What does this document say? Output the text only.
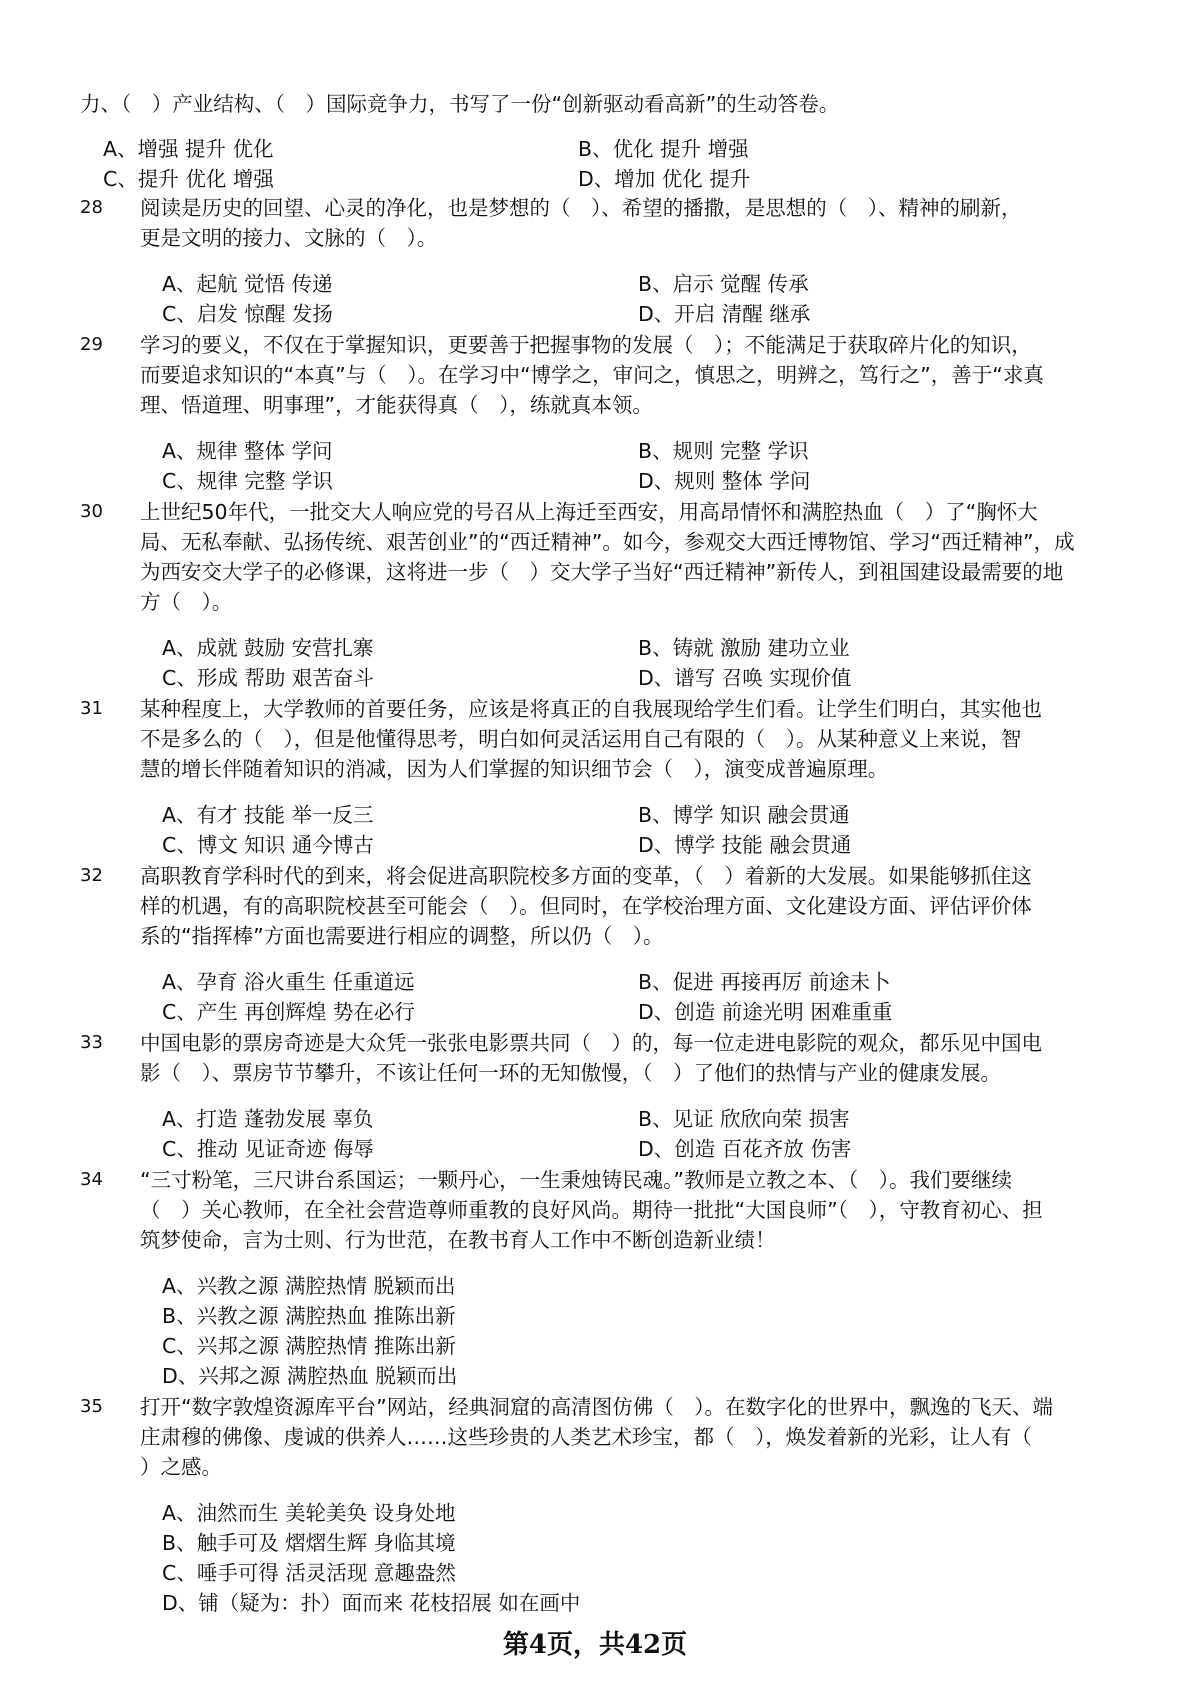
力、（　）产业结构、（　）国际竞争力，书写了一份“创新驱动看高新”的生动答卷。

A、增强 提升 优化	B、优化 提升 增强

C、提升 优化 增强	D、增加 优化 提升

28 阅读是历史的回望、心灵的净化，也是梦想的（　）、希望的播撒，是思想的（　）、精神的刷新，

更是文明的接力、文脉的（　）。

A、起航 觉悟 传递	B、启示 觉醒 传承

C、启发 惊醒 发扬	D、开启 清醒 继承

29 学习的要义，不仅在于掌握知识，更要善于把握事物的发展（　）；不能满足于获取碎片化的知识，

而要追求知识的“本真”与（　）。在学习中“博学之，审问之，慎思之，明辨之，笃行之”，善于“求真

理、悟道理、明事理”，才能获得真（　），练就真本领。

A、规律 整体 学问	B、规则 完整 学识

C、规律 完整 学识	D、规则 整体 学问

30 上世纪50年代，一批交大人响应党的号召从上海迁至西安，用高昂情怀和满腔热血（　）了“胸怀大

局、无私奉献、弘扬传统、艰苦创业”的“西迁精神”。如今，参观交大西迁博物馆、学习“西迁精神”，成

为西安交大学子的必修课，这将进一步（　）交大学子当好“西迁精神”新传人，到祖国建设最需要的地

方（　）。

A、成就 鼓励 安营扎寨	B、铸就 激励 建功立业

C、形成 帮助 艰苦奋斗	D、谱写 召唤 实现价值

31 某种程度上，大学教师的首要任务，应该是将真正的自我展现给学生们看。让学生们明白，其实他也

不是多么的（　），但是他懂得思考，明白如何灵活运用自己有限的（　）。从某种意义上来说，智

慧的增长伴随着知识的消减，因为人们掌握的知识细节会（　），演变成普遍原理。

A、有才 技能 举一反三	B、博学 知识 融会贯通

C、博文 知识 通今博古	D、博学 技能 融会贯通

32 高职教育学科时代的到来，将会促进高职院校多方面的变革，（　）着新的大发展。如果能够抓住这

样的机遇，有的高职院校甚至可能会（　）。但同时，在学校治理方面、文化建设方面、评估评价体

系的“指挥棒”方面也需要进行相应的调整，所以仍（　）。

A、孕育 浴火重生 任重道远	B、促进 再接再厉 前途未卜

C、产生 再创辉煌 势在必行	D、创造 前途光明 困难重重

33 中国电影的票房奇迹是大众凭一张张电影票共同（　）的，每一位走进电影院的观众，都乐见中国电

影（　）、票房节节攀升，不该让任何一环的无知傲慢，（　）了他们的热情与产业的健康发展。

A、打造 蓬勃发展 辜负	B、见证 欣欣向荣 损害

C、推动 见证奇迹 侮辱	D、创造 百花齐放 伤害

34 “三寸粉笔，三尺讲台系国运；一颗丹心，一生秉烛铸民魂。”教师是立教之本、（　）。我们要继续

（　）关心教师，在全社会营造尊师重教的良好风尚。期待一批批“大国良师”（　），守教育初心、担

筑梦使命，言为士则、行为世范，在教书育人工作中不断创造新业绩！

A、兴教之源 满腔热情 脱颖而出

B、兴教之源 满腔热血 推陈出新

C、兴邦之源 满腔热情 推陈出新

D、兴邦之源 满腔热血 脱颖而出

35 打开“数字敦煌资源库平台”网站，经典洞窟的高清图仿佛（　）。在数字化的世界中，飘逸的飞天、端

庄肃穆的佛像、虔诚的供养人……这些珍贵的人类艺术珍宝，都（　），焕发着新的光彩，让人有（

）之感。

A、油然而生 美轮美奂 设身处地

B、触手可及 熠熠生辉 身临其境

C、唾手可得 活灵活现 意趣盎然

D、铺（疑为：扑）面而来 花枝招展 如在画中

第4页，共42页
